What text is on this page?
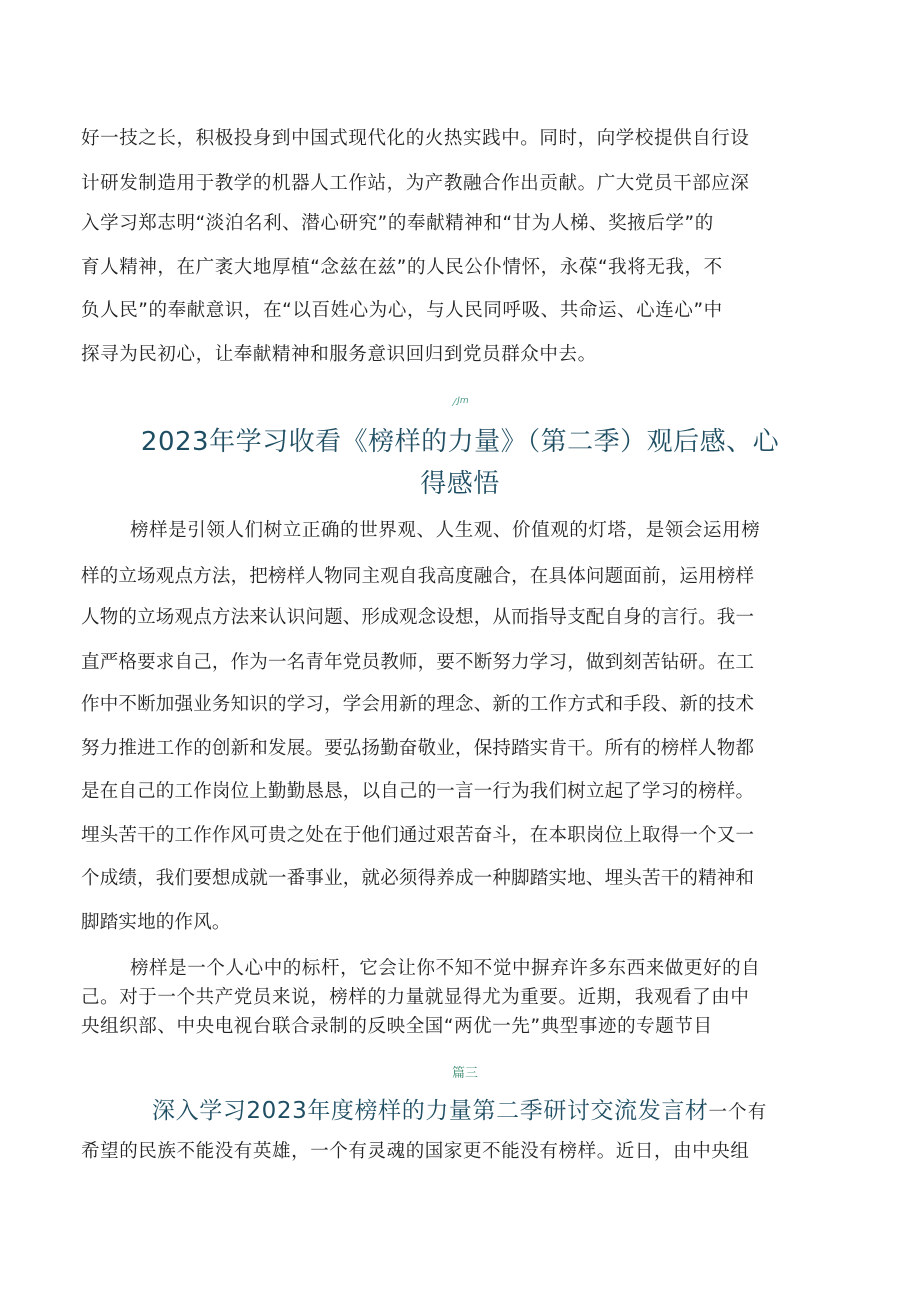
好一技之长，积极投身到中国式现代化的火热实践中。同时，向学校提供自行设
计研发制造用于教学的机器人工作站，为产教融合作出贡献。广大党员干部应深
入学习郑志明“淡泊名利、潜心研究”的奉献精神和“甘为人梯、奖掖后学”的
育人精神，在广袤大地厚植“念兹在兹”的人民公仆情怀，永葆“我将无我，不
负人民”的奉献意识，在“以百姓心为心，与人民同呼吸、共命运、心连心”中
探寻为民初心，让奉献精神和服务意识回归到党员群众中去。
Jm
2023年学习收看《榜样的力量》（第二季）观后感、心
得感悟
榜样是引领人们树立正确的世界观、人生观、价值观的灯塔，是领会运用榜
样的立场观点方法，把榜样人物同主观自我高度融合，在具体问题面前，运用榜样
人物的立场观点方法来认识问题、形成观念设想，从而指导支配自身的言行。我一
直严格要求自己，作为一名青年党员教师，要不断努力学习，做到刻苦钻研。在工
作中不断加强业务知识的学习，学会用新的理念、新的工作方式和手段、新的技术
努力推进工作的创新和发展。要弘扬勤奋敬业，保持踏实肯干。所有的榜样人物都
是在自己的工作岗位上勤勤恳恳，以自己的一言一行为我们树立起了学习的榜样。
埋头苦干的工作作风可贵之处在于他们通过艰苦奋斗，在本职岗位上取得一个又一
个成绩，我们要想成就一番事业，就必须得养成一种脚踏实地、埋头苦干的精神和
脚踏实地的作风。
榜样是一个人心中的标杆，它会让你不知不觉中摒弃许多东西来做更好的自
己。对于一个共产党员来说，榜样的力量就显得尤为重要。近期，我观看了由中
央组织部、中央电视台联合录制的反映全国“两优一先”典型事迹的专题节目
篇三
深入学习2023年度榜样的力量第二季研讨交流发言材一个有
希望的民族不能没有英雄，一个有灵魂的国家更不能没有榜样。近日，由中央组
